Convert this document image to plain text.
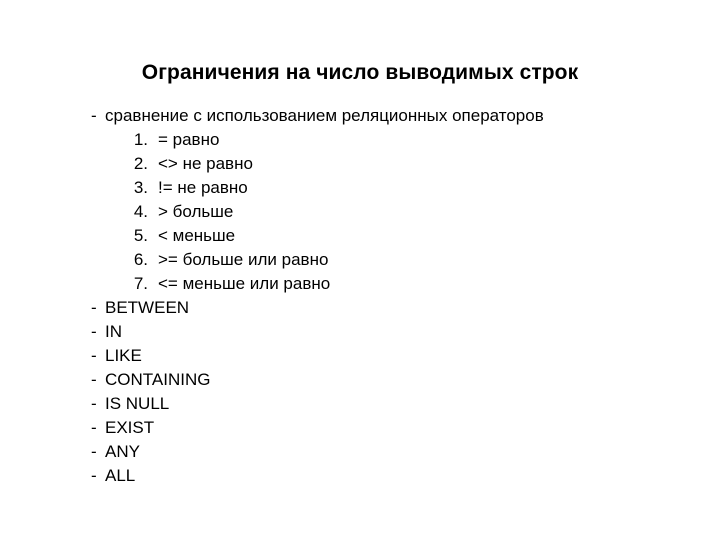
Ограничения на число выводимых строк
- сравнение с использованием реляционных операторов
1. = равно
2. <> не равно
3. != не равно
4. > больше
5. < меньше
6. >= больше или равно
7. <= меньше или равно
- BETWEEN
- IN
- LIKE
- CONTAINING
- IS NULL
- EXIST
- ANY
- ALL
